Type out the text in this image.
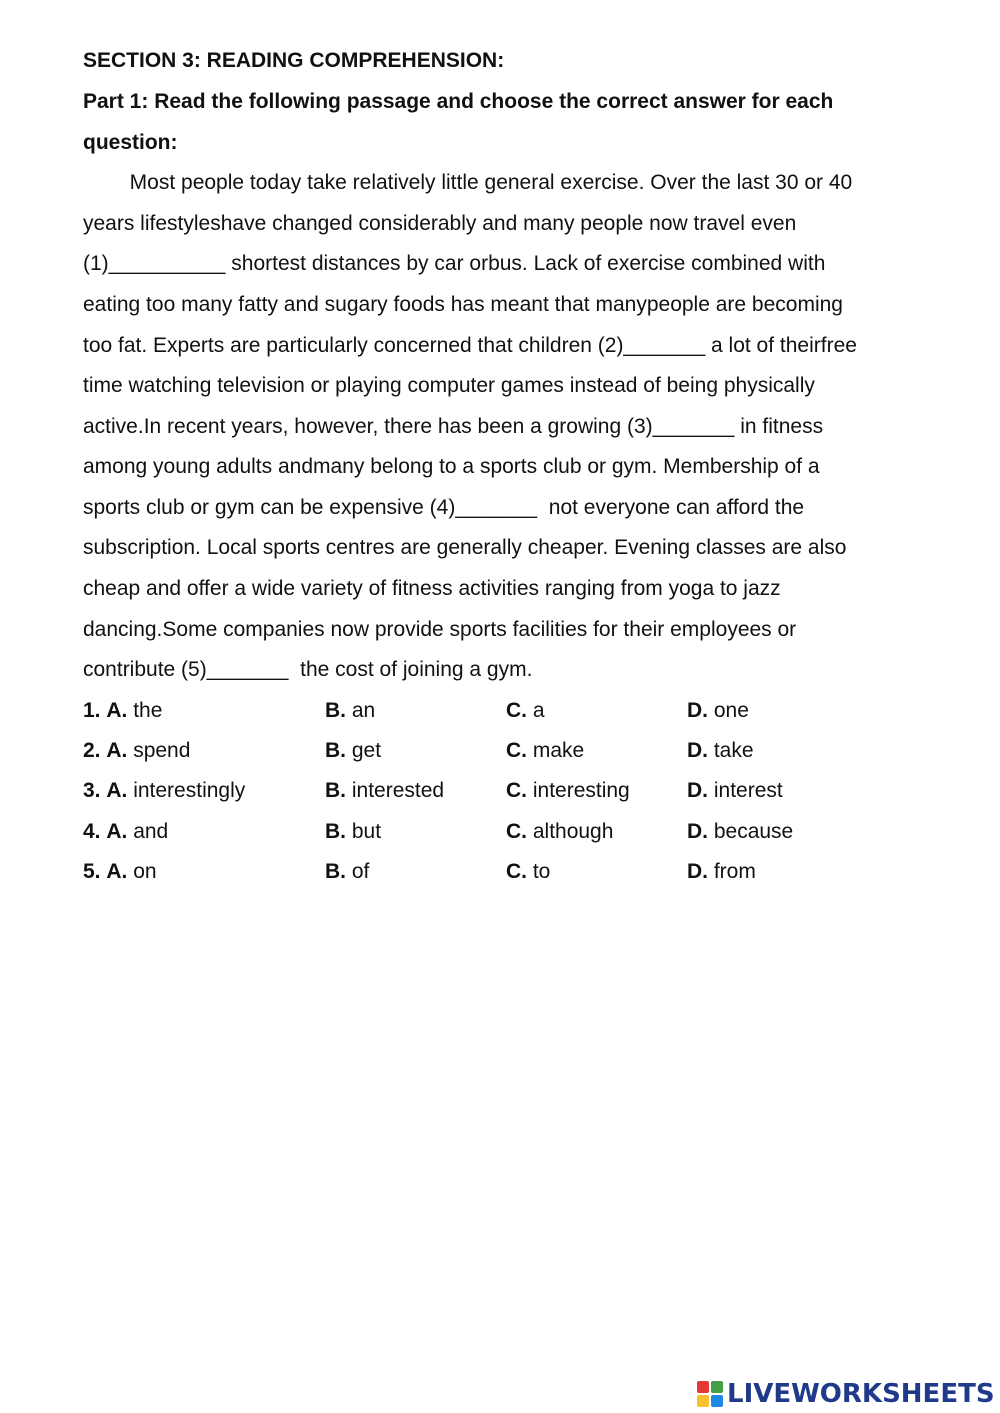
SECTION 3: READING COMPREHENSION:
Part 1: Read the following passage and choose the correct answer for each
question:
Most people today take relatively little general exercise. Over the last 30 or 40
years lifestyleshave changed considerably and many people now travel even
(1)__________ shortest distances by car orbus. Lack of exercise combined with
eating too many fatty and sugary foods has meant that manypeople are becoming
too fat. Experts are particularly concerned that children (2)_______ a lot of theirfree
time watching television or playing computer games instead of being physically
active.In recent years, however, there has been a growing (3)_______ in fitness
among young adults andmany belong to a sports club or gym. Membership of a
sports club or gym can be expensive (4)_______  not everyone can afford the
subscription. Local sports centres are generally cheaper. Evening classes are also
cheap and offer a wide variety of fitness activities ranging from yoga to jazz
dancing.Some companies now provide sports facilities for their employees or
contribute (5)_______  the cost of joining a gym.
1. A. the	B. an	C. a	D. one
2. A. spend	B. get	C. make	D. take
3. A. interestingly	B. interested	C. interesting	D. interest
4. A. and	B. but	C. although	D. because
5. A. on	B. of	C. to	D. from
LIVEWORKSHEETS
